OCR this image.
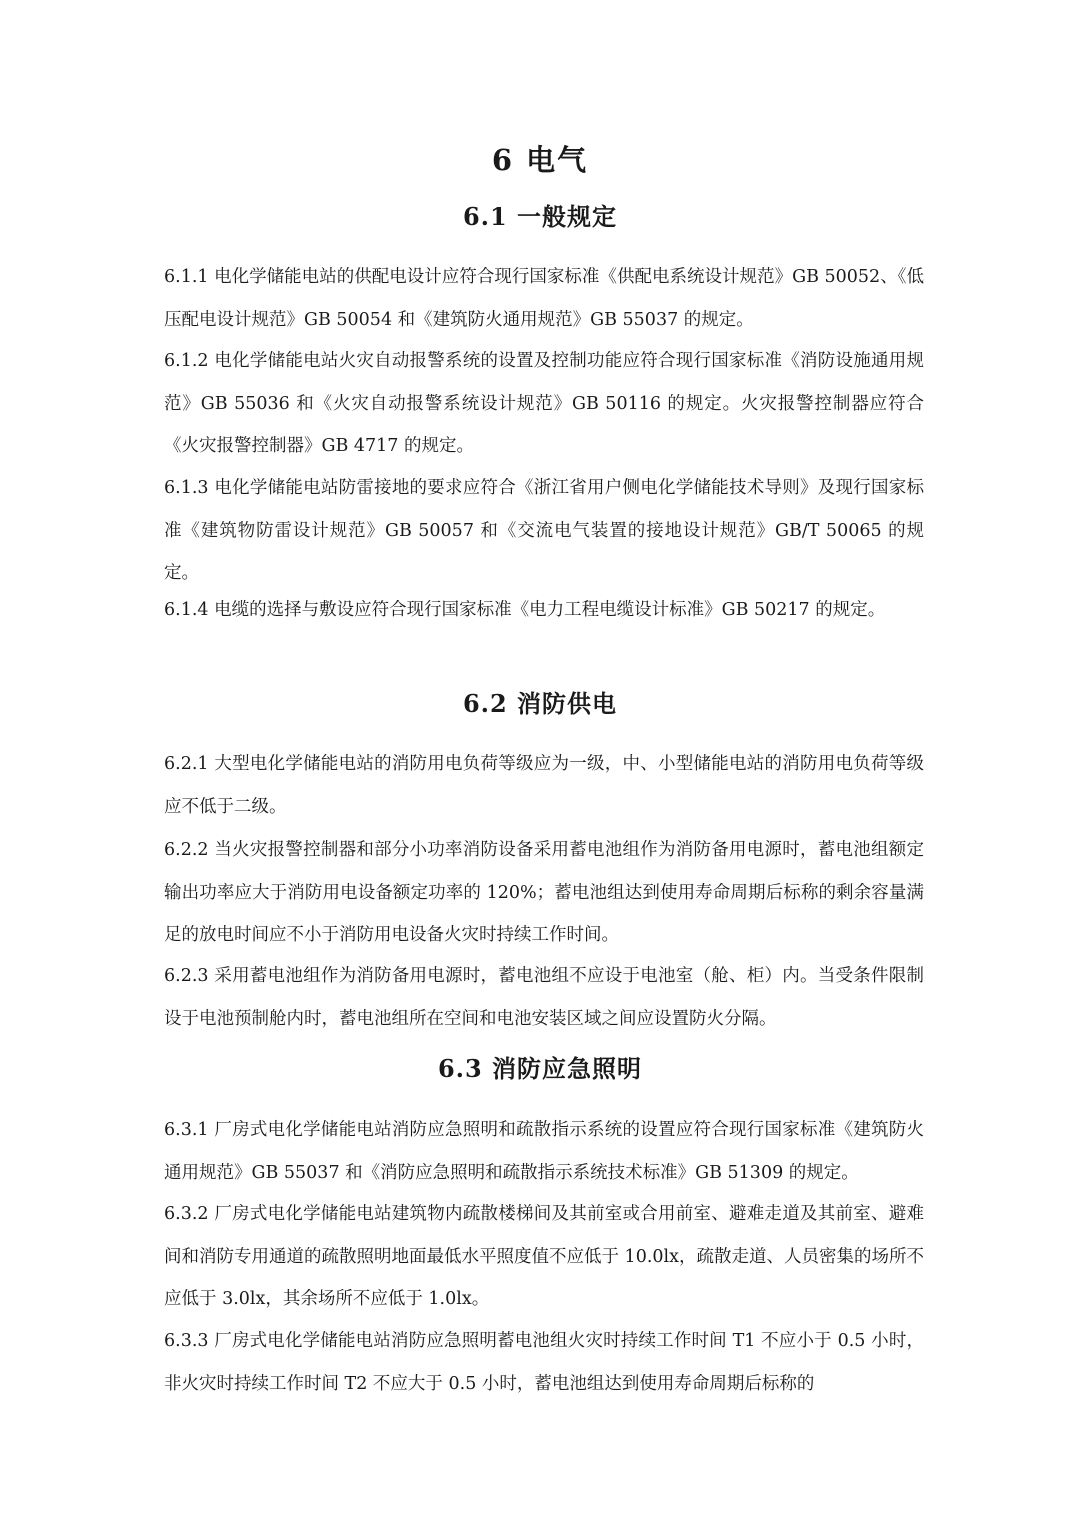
6 电气
6.1 一般规定

6.1.1 电化学储能电站的供配电设计应符合现行国家标准《供配电系统设计规范》GB 50052、《低压配电设计规范》GB 50054 和《建筑防火通用规范》GB 55037 的规定。

6.1.2 电化学储能电站火灾自动报警系统的设置及控制功能应符合现行国家标准《消防设施通用规范》GB 55036 和《火灾自动报警系统设计规范》GB 50116 的规定。火灾报警控制器应符合《火灾报警控制器》GB 4717 的规定。

6.1.3 电化学储能电站防雷接地的要求应符合《浙江省用户侧电化学储能技术导则》及现行国家标准《建筑物防雷设计规范》GB 50057 和《交流电气装置的接地设计规范》GB/T 50065 的规定。

6.1.4 电缆的选择与敷设应符合现行国家标准《电力工程电缆设计标准》GB 50217 的规定。

6.2 消防供电

6.2.1 大型电化学储能电站的消防用电负荷等级应为一级，中、小型储能电站的消防用电负荷等级应不低于二级。

6.2.2 当火灾报警控制器和部分小功率消防设备采用蓄电池组作为消防备用电源时，蓄电池组额定输出功率应大于消防用电设备额定功率的 120%；蓄电池组达到使用寿命周期后标称的剩余容量满足的放电时间应不小于消防用电设备火灾时持续工作时间。

6.2.3 采用蓄电池组作为消防备用电源时，蓄电池组不应设于电池室（舱、柜）内。当受条件限制设于电池预制舱内时，蓄电池组所在空间和电池安装区域之间应设置防火分隔。

6.3 消防应急照明

6.3.1 厂房式电化学储能电站消防应急照明和疏散指示系统的设置应符合现行国家标准《建筑防火通用规范》GB 55037 和《消防应急照明和疏散指示系统技术标准》GB 51309 的规定。

6.3.2 厂房式电化学储能电站建筑物内疏散楼梯间及其前室或合用前室、避难走道及其前室、避难间和消防专用通道的疏散照明地面最低水平照度值不应低于 10.0lx，疏散走道、人员密集的场所不应低于 3.0lx，其余场所不应低于 1.0lx。

6.3.3 厂房式电化学储能电站消防应急照明蓄电池组火灾时持续工作时间 T1 不应小于 0.5 小时，非火灾时持续工作时间 T2 不应大于 0.5 小时，蓄电池组达到使用寿命周期后标称的
